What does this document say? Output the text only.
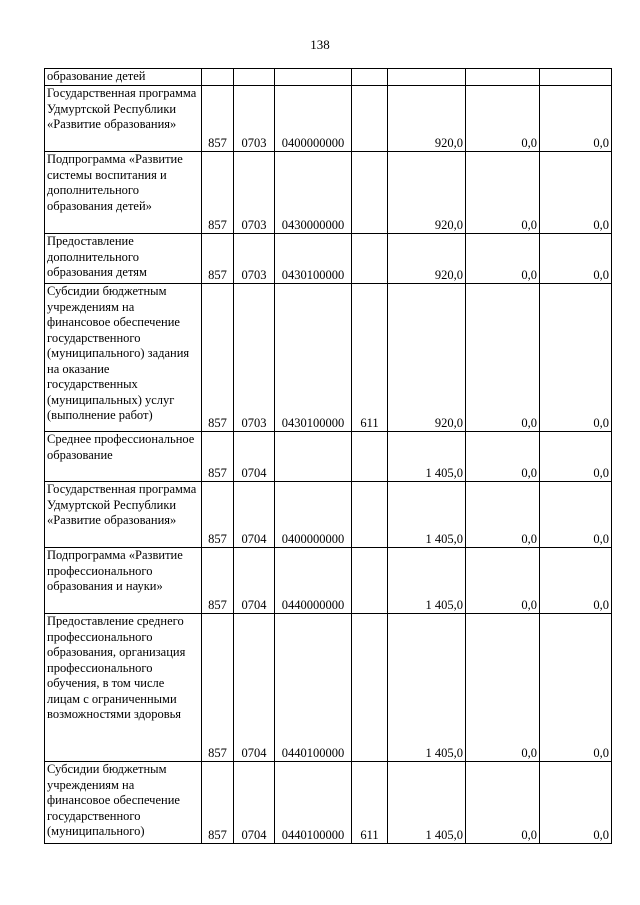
138
образование детей							
Государственная программа Удмуртской Республики «Развитие образования»	857	0703	0400000000		920,0	0,0	0,0
Подпрограмма «Развитие системы воспитания и дополнительного образования детей»	857	0703	0430000000		920,0	0,0	0,0
Предоставление дополнительного образования детям	857	0703	0430100000		920,0	0,0	0,0
Субсидии бюджетным учреждениям на финансовое обеспечение государственного (муниципального) задания на оказание государственных (муниципальных) услуг (выполнение работ)	857	0703	0430100000	611	920,0	0,0	0,0
Среднее профессиональное образование	857	0704			1 405,0	0,0	0,0
Государственная программа Удмуртской Республики «Развитие образования»	857	0704	0400000000		1 405,0	0,0	0,0
Подпрограмма «Развитие профессионального образования и науки»	857	0704	0440000000		1 405,0	0,0	0,0
Предоставление среднего профессионального образования, организация профессионального обучения, в том числе лицам с ограниченными возможностями здоровья	857	0704	0440100000		1 405,0	0,0	0,0
Субсидии бюджетным учреждениям на финансовое обеспечение государственного (муниципального)	857	0704	0440100000	611	1 405,0	0,0	0,0
